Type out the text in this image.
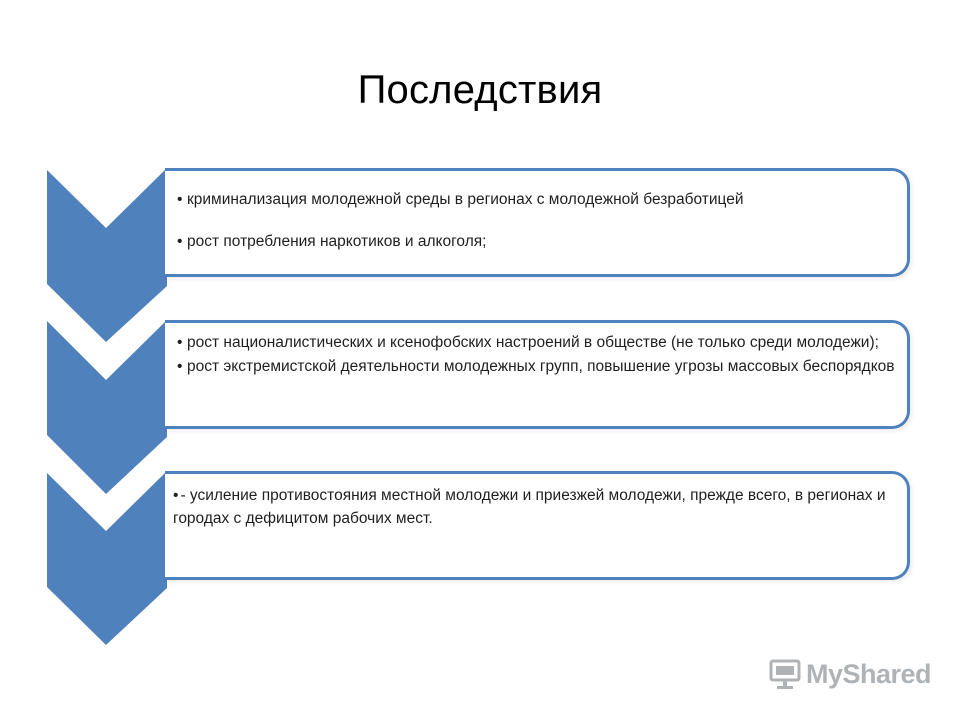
Последствия
• криминализация молодежной среды в регионах с молодежной безработицей
• рост потребления наркотиков и алкоголя;
• рост националистических и ксенофобских настроений в обществе (не только среди молодежи);
• рост экстремистской деятельности молодежных групп, повышение угрозы массовых беспорядков
• - усиление противостояния местной молодежи и приезжей молодежи, прежде всего, в регионах и городах с дефицитом рабочих мест.
MyShared
